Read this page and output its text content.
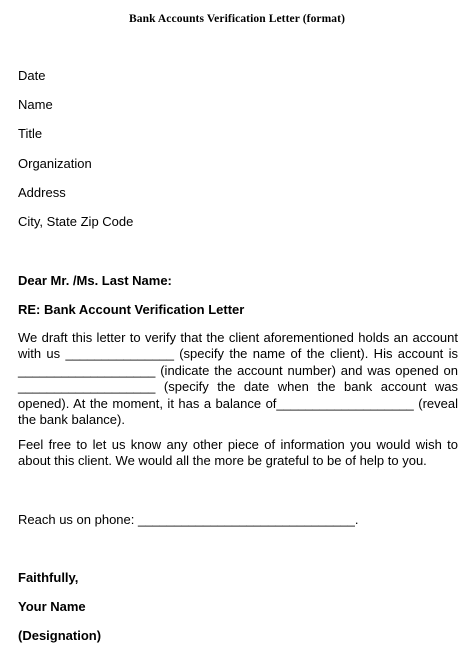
Bank Accounts Verification Letter (format)
Date
Name
Title
Organization
Address
City, State Zip Code
Dear Mr. /Ms. Last Name:
RE: Bank Account Verification Letter
We draft this letter to verify that the client aforementioned holds an account with us _______________ (specify the name of the client). His account is ___________________ (indicate the account number) and was opened on ___________________ (specify the date when the bank account was opened). At the moment, it has a balance of___________________ (reveal the bank balance).
Feel free to let us know any other piece of information you would wish to about this client. We would all the more be grateful to be of help to you.
Reach us on phone: ______________________________.
Faithfully,
Your Name
(Designation)
